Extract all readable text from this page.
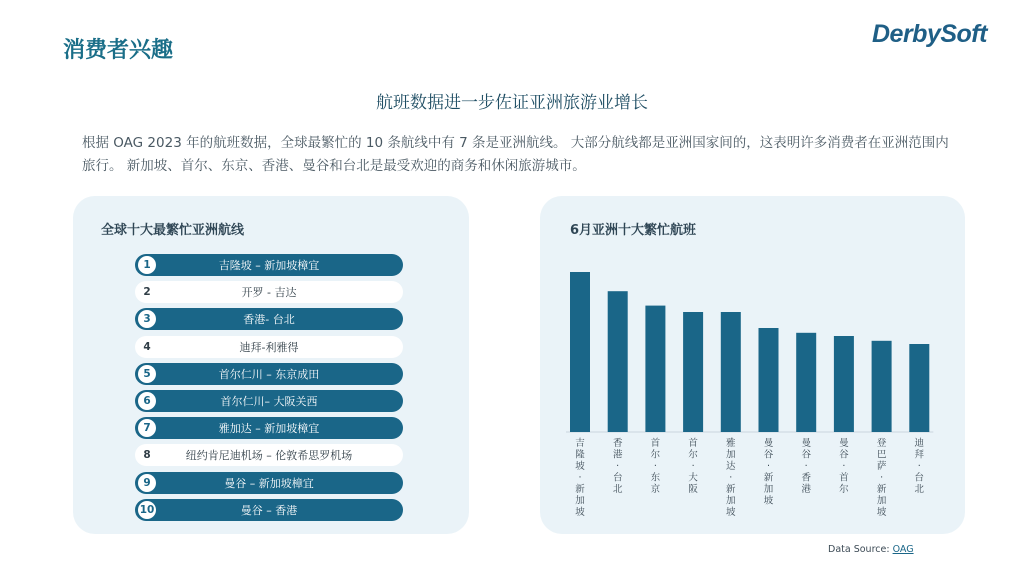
消费者兴趣
DerbySoft
航班数据进一步佐证亚洲旅游业增长
根据 OAG 2023 年的航班数据，全球最繁忙的 10 条航线中有 7 条是亚洲航线。 大部分航线都是亚洲国家间的，这表明许多消费者在亚洲范围内旅行。 新加坡、首尔、东京、香港、曼谷和台北是最受欢迎的商务和休闲旅游城市。
全球十大最繁忙亚洲航线
1	吉隆坡 – 新加坡樟宜
2	开罗 - 吉达
3	香港- 台北
4	迪拜-利雅得
5	首尔仁川 – 东京成田
6	首尔仁川– 大阪关西
7	雅加达 – 新加坡樟宜
8	纽约肯尼迪机场 – 伦敦希思罗机场
9	曼谷 – 新加坡樟宜
10	曼谷 – 香港
6月亚洲十大繁忙航班
吉隆坡·新加坡
香港·台北
首尔·东京
首尔·大阪
雅加达·新加坡
曼谷·新加坡
曼谷·香港
曼谷·首尔
登巴萨·新加坡
迪拜·台北
Data Source: OAG
